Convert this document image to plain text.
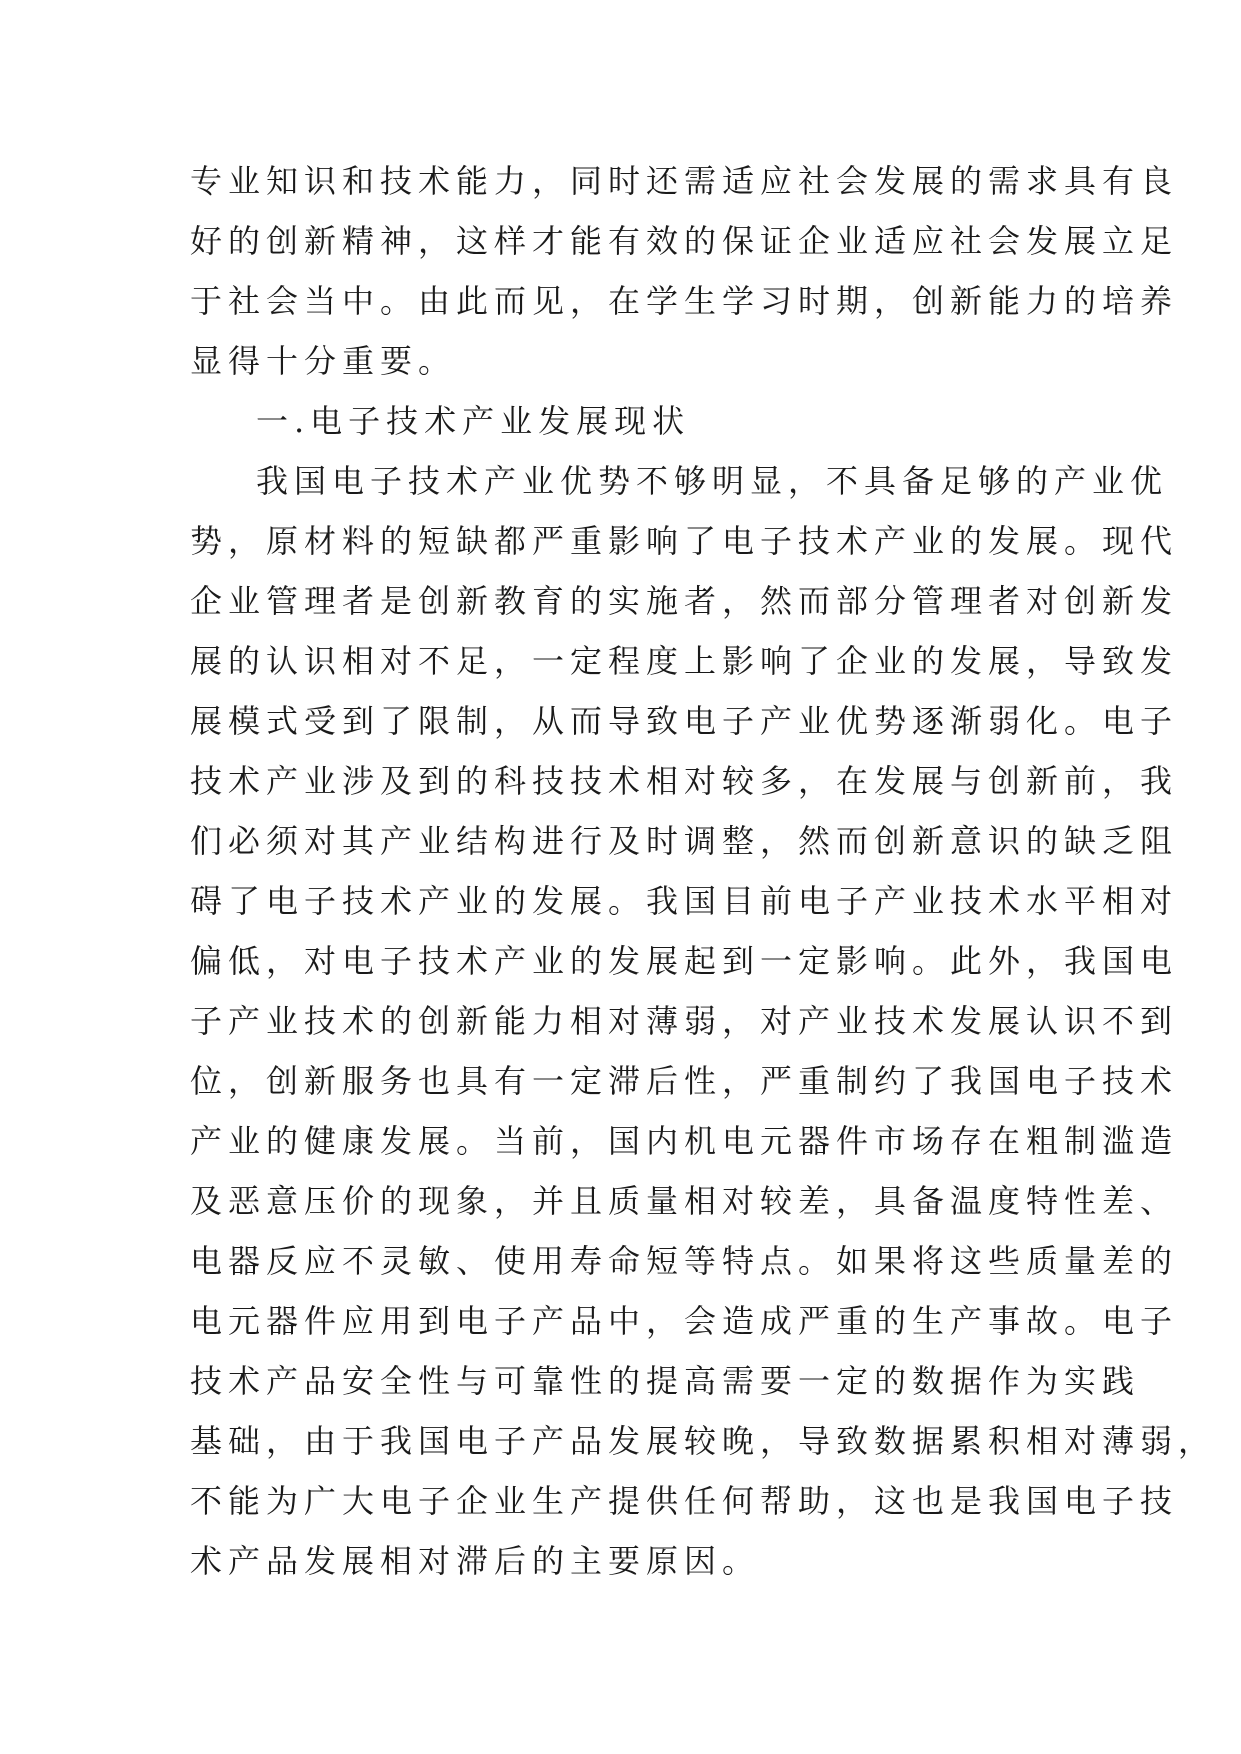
专业知识和技术能力，同时还需适应社会发展的需求具有良
好的创新精神，这样才能有效的保证企业适应社会发展立足
于社会当中。由此而见，在学生学习时期，创新能力的培养
显得十分重要。
一.电子技术产业发展现状
我国电子技术产业优势不够明显，不具备足够的产业优
势，原材料的短缺都严重影响了电子技术产业的发展。现代
企业管理者是创新教育的实施者，然而部分管理者对创新发
展的认识相对不足，一定程度上影响了企业的发展，导致发
展模式受到了限制，从而导致电子产业优势逐渐弱化。电子
技术产业涉及到的科技技术相对较多，在发展与创新前，我
们必须对其产业结构进行及时调整，然而创新意识的缺乏阻
碍了电子技术产业的发展。我国目前电子产业技术水平相对
偏低，对电子技术产业的发展起到一定影响。此外，我国电
子产业技术的创新能力相对薄弱，对产业技术发展认识不到
位，创新服务也具有一定滞后性，严重制约了我国电子技术
产业的健康发展。当前，国内机电元器件市场存在粗制滥造
及恶意压价的现象，并且质量相对较差，具备温度特性差、
电器反应不灵敏、使用寿命短等特点。如果将这些质量差的
电元器件应用到电子产品中，会造成严重的生产事故。电子
技术产品安全性与可靠性的提高需要一定的数据作为实践
基础，由于我国电子产品发展较晚，导致数据累积相对薄弱，
不能为广大电子企业生产提供任何帮助，这也是我国电子技
术产品发展相对滞后的主要原因。
